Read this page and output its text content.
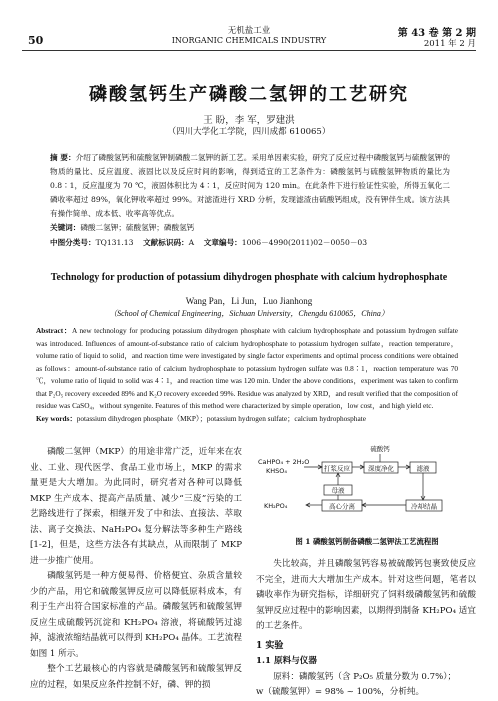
50
无机盐工业
INORGANIC CHEMICALS INDUSTRY
第 43 卷 第 2 期
2011 年 2 月
磷酸氢钙生产磷酸二氢钾的工艺研究
王 盼，李 军，罗建洪
（四川大学化工学院，四川成都 610065）

摘 要：介绍了磷酸氢钙和硫酸氢钾制磷酸二氢钾的新工艺。采用单因素实验，研究了反应过程中磷酸氢钙与硫酸氢钾的物质的量比、反应温度、液固比以及反应时间的影响，得到适宜的工艺条件为：磷酸氢钙与硫酸氢钾物质的量比为 0.8∶1，反应温度为 70 ℃，液固体积比为 4∶1，反应时间为 120 min。在此条件下进行验证性实验，所得五氧化二磷收率超过 89%，氧化钾收率超过 99%。对滤渣进行 XRD 分析，发现滤渣由硫酸钙组成，没有钾伴生成。该方法具有操作简单、成本低、收率高等优点。

关键词：磷酸二氢钾；硫酸氢钾；磷酸氢钙

中图分类号：TQ131.13 文献标识码：A 文章编号：1006－4990(2011)02－0050－03

Technology for production of potassium dihydrogen phosphate with calcium hydrophosphate
Wang Pan，Li Jun，Luo Jianhong
（School of Chemical Engineering，Sichuan University，Chengdu 610065，China）

Abstract：A new technology for producing potassium dihydrogen phosphate with calcium hydrophosphate and potassium hydrogen sulfate was introduced. Influences of amount-of-substance ratio of calcium hydrophosphate to potassium hydrogen sulfate，reaction temperature，volume ratio of liquid to solid，and reaction time were investigated by single factor experiments and optimal process conditions were obtained as follows：amount-of-substance ratio of calcium hydrophosphate to potassium hydrogen sulfate was 0.8∶1，reaction temperature was 70 ℃，volume ratio of liquid to solid was 4∶1，and reaction time was 120 min. Under the above conditions，experiment was taken to confirm that P₂O₅ recovery exceeded 89% and K₂O recovery exceeded 99%. Residue was analyzed by XRD，and result verified that the composition of residue was CaSO₄，without syngenite. Features of this method were characterized by simple operation，low cost，and high yield etc.

Key words：potassium dihydrogen phosphate（MKP）；potassium hydrogen sulfate；calcium hydrophosphate

磷酸二氢钾（MKP）的用途非常广泛，近年来在农业、工业、现代医学、食品工业市场上，MKP 的需求量更是大大增加。为此同时，研究者对各种可以降低 MKP 生产成本、提高产品质量、减少“三废”污染的工艺路线进行了探索，相继开发了中和法、直接法、萃取法、离子交换法、NaH₂PO₄ 复分解法等多种生产路线[1-2]，但是，这些方法各有其缺点，从而限制了 MKP 进一步推广使用。

磷酸氢钙是一种方便易得、价格便宜、杂质含量较少的产品，用它和硫酸氢钾反应可以降低原料成本，有利于生产出符合国家标准的产品。磷酸氢钙和硫酸氢钾反应生成硫酸钙沉淀和 KH₂PO₄ 溶液，将硫酸钙过滤掉，滤液浓缩结晶就可以得到 KH₂PO₄ 晶体。工艺流程如图 1 所示。

整个工艺最核心的内容就是磷酸氢钙和硫酸氢钾反应的过程，如果反应条件控制不好，磷、钾的损

硫酸钙
CaHPO₄ + 2H₂O
KHSO₄	打浆反应	深度净化	滤液
母液
高心分离	冷却结晶
KH₂PO₄
图 1 磷酸氢钙制备磷酸二氢钾法工艺流程图

失比较高，并且磷酸氢钙容易被硫酸钙包裹致使反应不完全，进而大大增加生产成本。针对这些问题，笔者以磷收率作为研究指标，详细研究了饲料级磷酸氢钙和硫酸氢钾反应过程中的影响因素，以期得到制备 KH₂PO₄ 适宜的工艺条件。

1 实验
1.1 原料与仪器

原料：磷酸氢钙（含 P₂O₅ 质量分数为 0.7%）；

w（硫酸氢钾）= 98% ~ 100%，分析纯。
